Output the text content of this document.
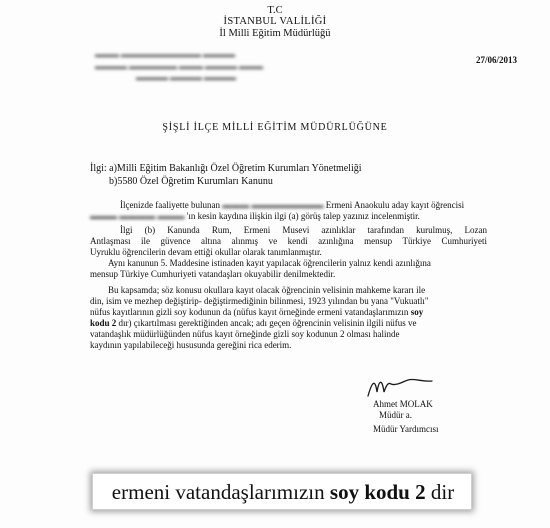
T.C
İSTANBUL VALİLİĞİ
İl Milli Eğitim Müdürlüğü
27/06/2013
▬▬▬ ▬▬▬▬▬▬▬▬▬▬ ▬▬▬▬
▬▬▬▬ ▬▬▬▬▬▬ ▬▬▬ ▬▬▬▬ ▬▬▬
▬▬▬▬ ▬▬▬▬ ▬▬▬▬
ŞİŞLİ İLÇE MİLLİ EĞİTİM MÜDÜRLÜĞÜNE
İlgi: a)Milli Eğitim Bakanlığı Özel Öğretim Kurumları Yönetmeliği
b)5580 Özel Öğretim Kurumları Kanunu
İlçenizde faaliyette bulunan ▬▬▬ ▬▬▬▬▬▬▬▬ Ermeni Anaokulu aday kayıt öğrencisi
▬▬▬ ▬▬▬▬ ▬▬▬ 'ın kesin kaydına ilişkin ilgi (a) görüş talep yazınız incelenmiştir.
İlgi (b) Kanunda Rum, Ermeni Musevi azınlıklar tarafından kurulmuş, Lozan
Antlaşması ile güvence altına alınmış ve kendi azınlığına mensup Türkiye Cumhuriyeti
Uyruklu öğrencilerin devam ettiği okullar olarak tanımlanmıştır.
Aynı kanunun 5. Maddesine istinaden kayıt yapılacak öğrencilerin yalnız kendi azınlığına
mensup Türkiye Cumhuriyeti vatandaşları okuyabilir denilmektedir.
Bu kapsamda; söz konusu okullara kayıt olacak öğrencinin velisinin mahkeme kararı ile
din, isim ve mezhep değiştirip- değiştirmediğinin bilinmesi, 1923 yılından bu yana "Vukuatlı"
nüfus kayıtlarının gizli soy kodunun da (nüfus kayıt örneğinde ermeni vatandaşlarımızın soy
kodu 2 dır) çıkartılması gerektiğinden ancak; adı geçen öğrencinin velisinin ilgili nüfus ve
vatandaşlık müdürlüğünden nüfus kayıt örneğinde gizli soy kodunun 2 olması halinde
kaydının yapılabileceği hususunda gereğini rica ederim.
Ahmet MOLAK
Müdür a.
Müdür Yardımcısı
ermeni vatandaşlarımızın soy kodu 2 dir
